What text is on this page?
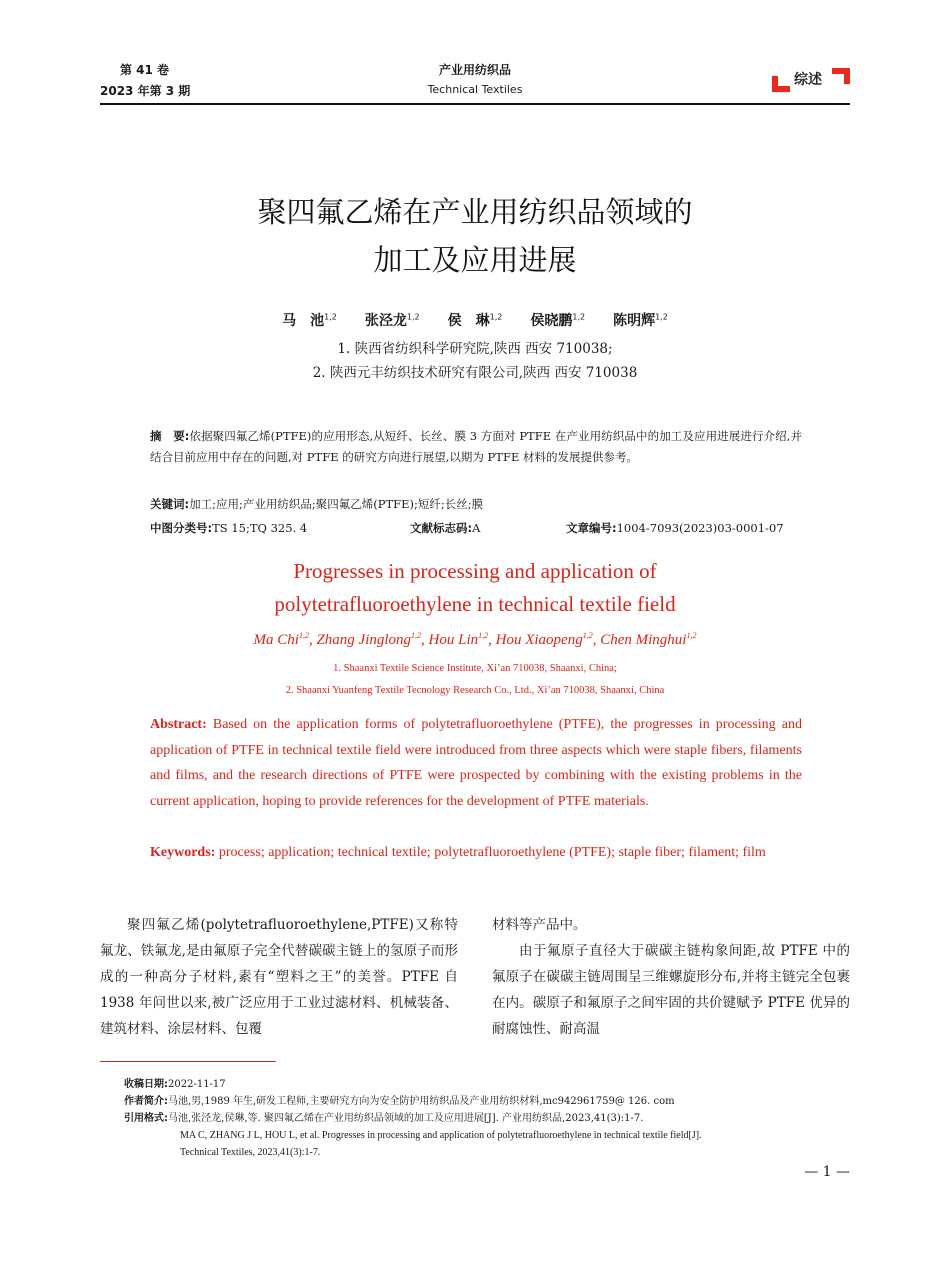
第 41 卷
2023 年第 3 期
产业用纺织品
Technical Textiles
综述
聚四氟乙烯在产业用纺织品领域的
加工及应用进展
马　池$^{1,2}$ 张泾龙$^{1,2}$ 侯　琳$^{1,2}$ 侯晓鹏$^{1,2}$ 陈明辉$^{1,2}$
1. 陕西省纺织科学研究院,陕西 西安 710038;
2. 陕西元丰纺织技术研究有限公司,陕西 西安 710038
摘　要:依据聚四氟乙烯(PTFE)的应用形态,从短纤、长丝、膜 3 方面对 PTFE 在产业用纺织品中的加工及应用进展进行介绍,并结合目前应用中存在的问题,对 PTFE 的研究方向进行展望,以期为 PTFE 材料的发展提供参考。
关键词:加工;应用;产业用纺织品;聚四氟乙烯(PTFE);短纤;长丝;膜
中图分类号:TS 15;TQ 325. 4	文献标志码:A	文章编号:1004-7093(2023)03-0001-07
Progresses in processing and application of
polytetrafluoroethylene in technical textile field
Ma Chi$^{1,2}$, Zhang Jinglong$^{1,2}$, Hou Lin$^{1,2}$, Hou Xiaopeng$^{1,2}$, Chen Minghui$^{1,2}$
1. Shaanxi Textile Science Institute, Xi’an 710038, Shaanxi, China;
2. Shaanxi Yuanfeng Textile Tecnology Research Co., Ltd., Xi’an 710038, Shaanxi, China
Abstract: Based on the application forms of polytetrafluoroethylene (PTFE), the progresses in processing and application of PTFE in technical textile field were introduced from three aspects which were staple fibers, filaments and films, and the research directions of PTFE were prospected by combining with the existing problems in the current application, hoping to provide references for the development of PTFE materials.
Keywords: process; application; technical textile; polytetrafluoroethylene (PTFE); staple fiber; filament; film

聚四氟乙烯(polytetrafluoroethylene,PTFE)又称特氟龙、铁氟龙,是由氟原子完全代替碳碳主链上的氢原子而形成的一种高分子材料,素有“塑料之王”的美誉。PTFE 自 1938 年问世以来,被广泛应用于工业过滤材料、机械装备、建筑材料、涂层材料、包覆

材料等产品中。

由于氟原子直径大于碳碳主链构象间距,故 PTFE 中的氟原子在碳碳主链周围呈三维螺旋形分布,并将主链完全包裹在内。碳原子和氟原子之间牢固的共价键赋予 PTFE 优异的耐腐蚀性、耐高温

收稿日期:2022-11-17
作者简介:马池,男,1989 年生,研发工程师,主要研究方向为安全防护用纺织品及产业用纺织材料,mc942961759@ 126. com
引用格式:马池,张泾龙,侯琳,等. 聚四氟乙烯在产业用纺织品领域的加工及应用进展[J]. 产业用纺织品,2023,41(3):1-7.
MA C, ZHANG J L, HOU L, et al. Progresses in processing and application of polytetrafluoroethylene in technical textile field[J].
Technical Textiles, 2023,41(3):1-7.
— 1 —
